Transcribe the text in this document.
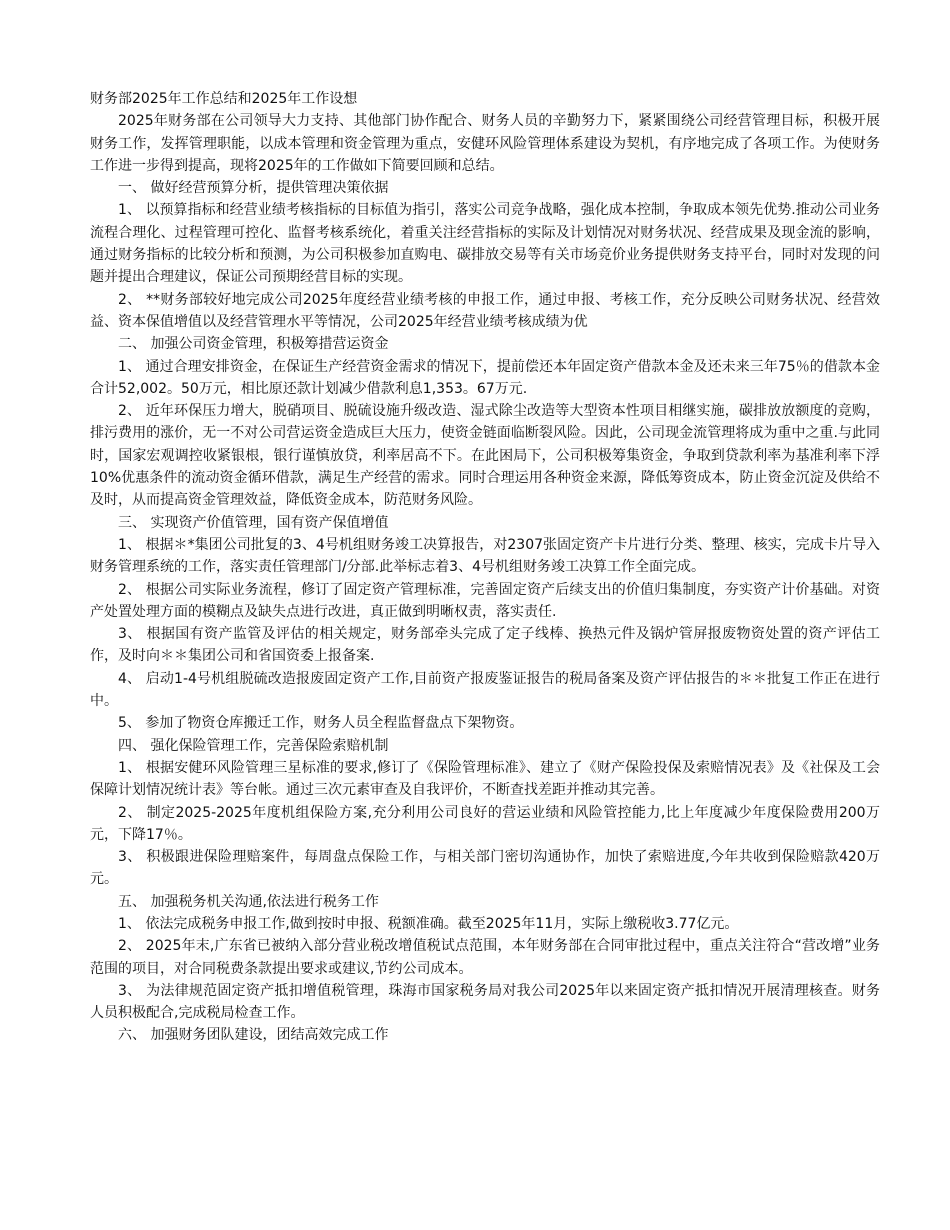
财务部2025年工作总结和2025年工作设想

2025年财务部在公司领导大力支持、其他部门协作配合、财务人员的辛勤努力下，紧紧围绕公司经营管理目标，积极开展财务工作，发挥管理职能，以成本管理和资金管理为重点，安健环风险管理体系建设为契机，有序地完成了各项工作。为使财务工作进一步得到提高，现将2025年的工作做如下简要回顾和总结。

一、 做好经营预算分析，提供管理决策依据

1、 以预算指标和经营业绩考核指标的目标值为指引，落实公司竞争战略，强化成本控制，争取成本领先优势.推动公司业务流程合理化、过程管理可控化、监督考核系统化，着重关注经营指标的实际及计划情况对财务状况、经营成果及现金流的影响，通过财务指标的比较分析和预测，为公司积极参加直购电、碳排放交易等有关市场竞价业务提供财务支持平台，同时对发现的问题并提出合理建议，保证公司预期经营目标的实现。

2、 **财务部较好地完成公司2025年度经营业绩考核的申报工作，通过申报、考核工作，充分反映公司财务状况、经营效益、资本保值增值以及经营管理水平等情况，公司2025年经营业绩考核成绩为优

二、 加强公司资金管理，积极筹措营运资金

1、 通过合理安排资金，在保证生产经营资金需求的情况下，提前偿还本年固定资产借款本金及还未来三年75％的借款本金合计52,002。50万元，相比原还款计划减少借款利息1,353。67万元.

2、 近年环保压力增大，脱硝项目、脱硫设施升级改造、湿式除尘改造等大型资本性项目相继实施，碳排放放额度的竞购，排污费用的涨价，无一不对公司营运资金造成巨大压力，使资金链面临断裂风险。因此，公司现金流管理将成为重中之重.与此同时，国家宏观调控收紧银根，银行谨慎放贷，利率居高不下。在此困局下，公司积极筹集资金，争取到贷款利率为基准利率下浮10%优惠条件的流动资金循环借款，满足生产经营的需求。同时合理运用各种资金来源，降低筹资成本，防止资金沉淀及供给不及时，从而提高资金管理效益，降低资金成本，防范财务风险。

三、 实现资产价值管理，国有资产保值增值

1、 根据＊*集团公司批复的3、4号机组财务竣工决算报告，对2307张固定资产卡片进行分类、整理、核实，完成卡片导入财务管理系统的工作，落实责任管理部门/分部.此举标志着3、4号机组财务竣工决算工作全面完成。

2、 根据公司实际业务流程，修订了固定资产管理标准，完善固定资产后续支出的价值归集制度，夯实资产计价基础。对资产处置处理方面的模糊点及缺失点进行改进，真正做到明晰权责，落实责任.

3、 根据国有资产监管及评估的相关规定，财务部牵头完成了定子线棒、换热元件及锅炉管屏报废物资处置的资产评估工作，及时向＊＊集团公司和省国资委上报备案.

4、 启动1-4号机组脱硫改造报废固定资产工作,目前资产报废鉴证报告的税局备案及资产评估报告的＊＊批复工作正在进行中。

5、 参加了物资仓库搬迁工作，财务人员全程监督盘点下架物资。

四、 强化保险管理工作，完善保险索赔机制

1、 根据安健环风险管理三星标准的要求,修订了《保险管理标准》、建立了《财产保险投保及索赔情况表》及《社保及工会保障计划情况统计表》等台帐。通过三次元素审查及自我评价，不断查找差距并推动其完善。

2、 制定2025-2025年度机组保险方案,充分利用公司良好的营运业绩和风险管控能力,比上年度减少年度保险费用200万元，下降17％。

3、 积极跟进保险理赔案件，每周盘点保险工作，与相关部门密切沟通协作，加快了索赔进度,今年共收到保险赔款420万元。

五、 加强税务机关沟通,依法进行税务工作

1、 依法完成税务申报工作,做到按时申报、税额准确。截至2025年11月，实际上缴税收3.77亿元。

2、 2025年末,广东省已被纳入部分营业税改增值税试点范围，本年财务部在合同审批过程中，重点关注符合“营改增”业务范围的项目，对合同税费条款提出要求或建议,节约公司成本。

3、 为法律规范固定资产抵扣增值税管理，珠海市国家税务局对我公司2025年以来固定资产抵扣情况开展清理核查。财务人员积极配合,完成税局检查工作。

六、 加强财务团队建设，团结高效完成工作
